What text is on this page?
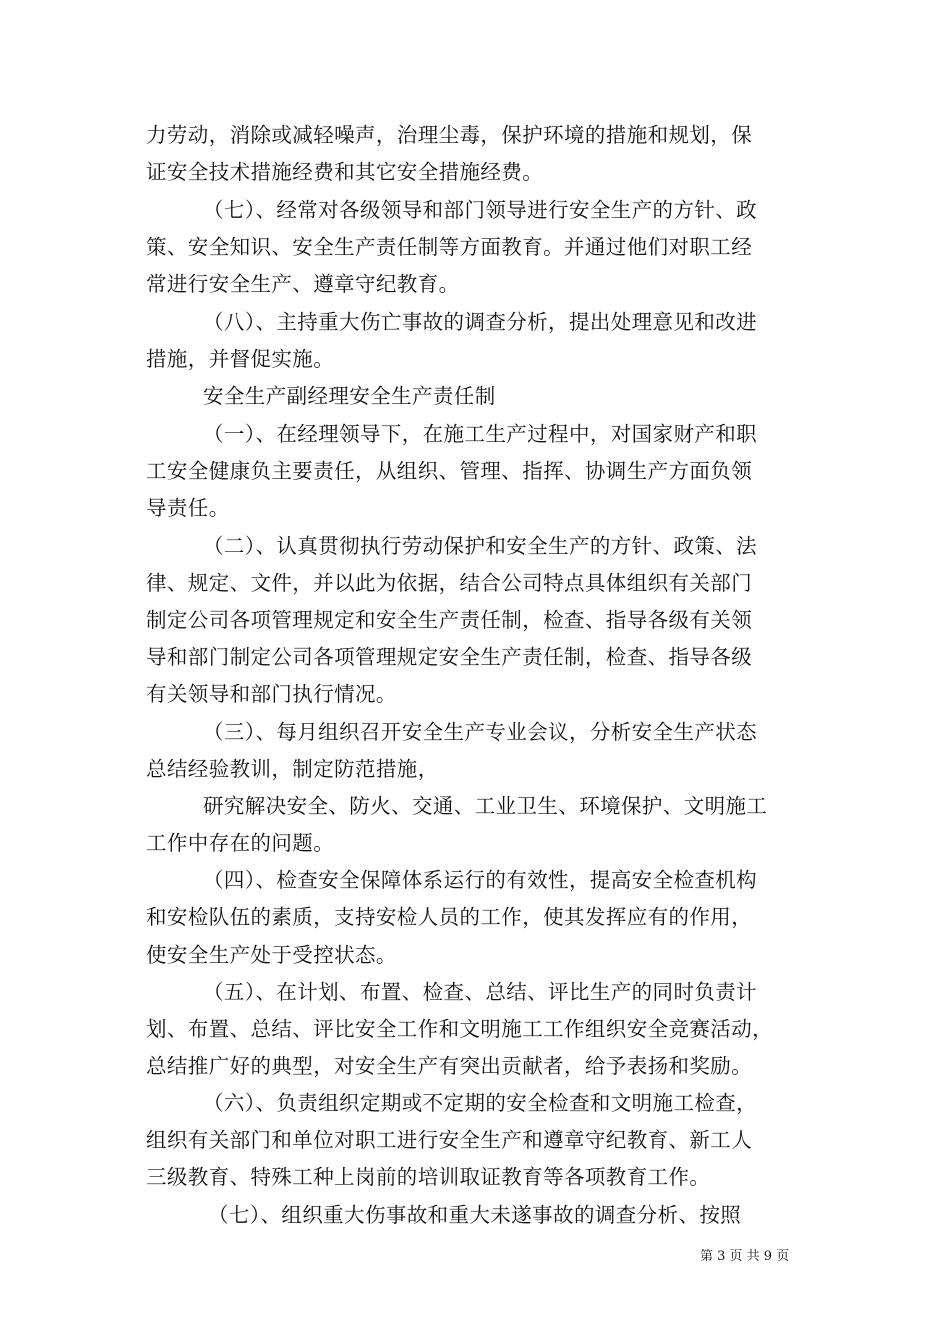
力劳动，消除或减轻噪声，治理尘毒，保护环境的措施和规划，保
证安全技术措施经费和其它安全措施经费。
（七）、经常对各级领导和部门领导进行安全生产的方针、政
策、安全知识、安全生产责任制等方面教育。并通过他们对职工经
常进行安全生产、遵章守纪教育。
（八）、主持重大伤亡事故的调查分析，提出处理意见和改进
措施，并督促实施。
安全生产副经理安全生产责任制
（一）、在经理领导下，在施工生产过程中，对国家财产和职
工安全健康负主要责任，从组织、管理、指挥、协调生产方面负领
导责任。
（二）、认真贯彻执行劳动保护和安全生产的方针、政策、法
律、规定、文件，并以此为依据，结合公司特点具体组织有关部门
制定公司各项管理规定和安全生产责任制，检查、指导各级有关领
导和部门制定公司各项管理规定安全生产责任制，检查、指导各级
有关领导和部门执行情况。
（三）、每月组织召开安全生产专业会议，分析安全生产状态
总结经验教训，制定防范措施，
研究解决安全、防火、交通、工业卫生、环境保护、文明施工
工作中存在的问题。
（四）、检查安全保障体系运行的有效性，提高安全检查机构
和安检队伍的素质，支持安检人员的工作，使其发挥应有的作用，
使安全生产处于受控状态。
（五）、在计划、布置、检查、总结、评比生产的同时负责计
划、布置、总结、评比安全工作和文明施工工作组织安全竞赛活动，
总结推广好的典型，对安全生产有突出贡献者，给予表扬和奖励。
（六）、负责组织定期或不定期的安全检查和文明施工检查，
组织有关部门和单位对职工进行安全生产和遵章守纪教育、新工人
三级教育、特殊工种上岗前的培训取证教育等各项教育工作。
（七）、组织重大伤事故和重大未遂事故的调查分析、按照
第 3 页 共 9 页
